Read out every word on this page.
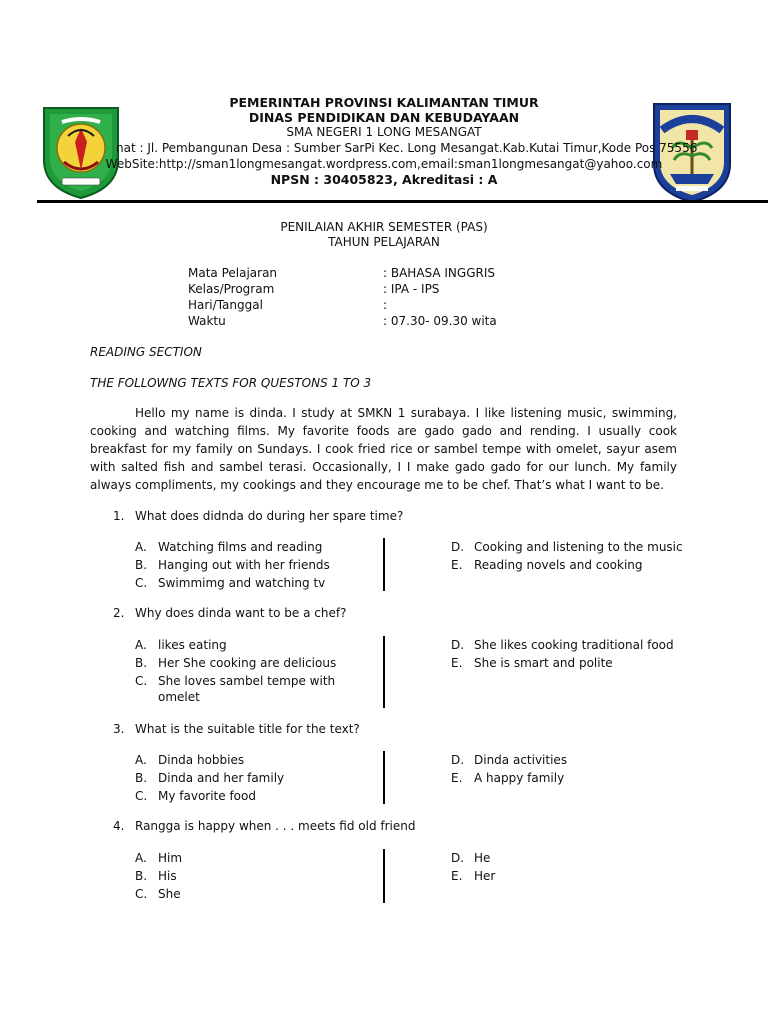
PEMERINTAH PROVINSI KALIMANTAN TIMUR
DINAS PENDIDIKAN DAN KEBUDAYAAN
SMA NEGERI 1 LONG MESANGAT
nat : Jl. Pembangunan Desa : Sumber SarPi Kec. Long Mesangat.Kab.Kutai Timur,Kode Pos 75556
WebSite:http://sman1longmesangat.wordpress.com,email:sman1longmesangat@yahoo.com
NPSN : 30405823, Akreditasi : A
PENILAIAN AKHIR SEMESTER (PAS)
TAHUN PELAJARAN
Mata Pelajaran	: BAHASA INGGRIS
Kelas/Program	: IPA - IPS
Hari/Tanggal	:
Waktu	: 07.30- 09.30 wita
READING SECTION
THE FOLLOWNG TEXTS FOR QUESTONS 1 TO 3
Hello my name is dinda. I study at SMKN 1 surabaya. I like listening music, swimming, cooking and watching films. My favorite foods are gado gado and rending. I usually cook breakfast for my family on Sundays. I cook fried rice or sambel tempe with omelet, sayur asem with salted fish and sambel terasi. Occasionally, I I make gado gado for our lunch. My family always compliments, my cookings and they encourage me to be chef. That’s what I want to be.
1. What does didnda do during her spare time?
A. Watching films and reading
B. Hanging out with her friends
C. Swimmimg and watching tv
D. Cooking and listening to the music
E. Reading novels and cooking
2. Why does dinda want to be a chef?
A. likes eating
B. Her She cooking are delicious
C. She loves sambel tempe with
omelet
D. She likes cooking traditional food
E. She is smart and polite
3. What is the suitable title for the text?
A. Dinda hobbies
B. Dinda and her family
C. My favorite food
D. Dinda activities
E. A happy family
4. Rangga is happy when . . . meets fid old friend
A. Him
B. His
C. She
D. He
E. Her
